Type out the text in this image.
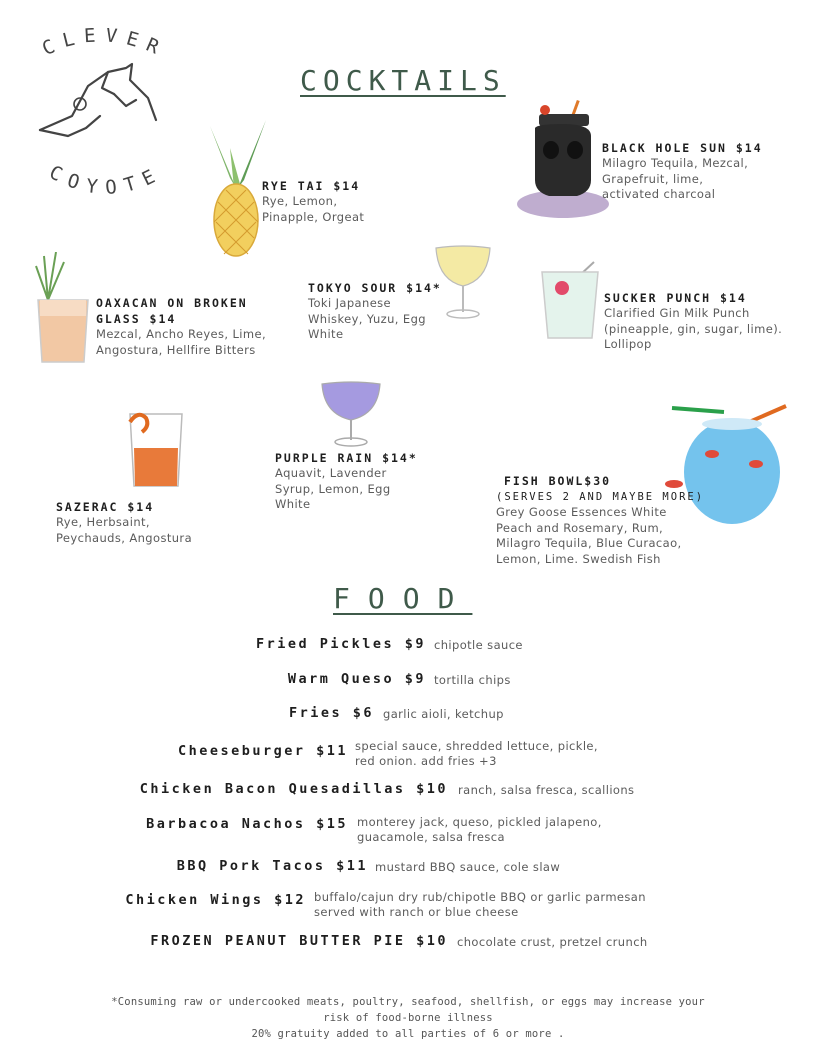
CLEVER
COYOTE
COCKTAILS
RYE TAI $14
Rye, Lemon,
Pinapple, Orgeat
BLACK HOLE SUN $14
Milagro Tequila, Mezcal,
Grapefruit, lime,
activated charcoal
OAXACAN ON BROKEN
GLASS $14
Mezcal, Ancho Reyes, Lime,
Angostura, Hellfire Bitters
TOKYO SOUR $14*
Toki Japanese
Whiskey, Yuzu, Egg
White
SUCKER PUNCH $14
Clarified Gin Milk Punch
(pineapple, gin, sugar, lime).
Lollipop
PURPLE RAIN $14*
Aquavit, Lavender
Syrup, Lemon, Egg
White
SAZERAC $14
Rye, Herbsaint,
Peychauds, Angostura
FISH BOWL$30
(SERVES 2 AND MAYBE MORE)
Grey Goose Essences White
Peach and Rosemary, Rum,
Milagro Tequila, Blue Curacao,
Lemon, Lime. Swedish Fish
FOOD
Fried Pickles $9 chipotle sauce
Warm Queso $9 tortilla chips
Fries $6 garlic aioli, ketchup
Cheeseburger $11 special sauce, shredded lettuce, pickle,
red onion. add fries +3
Chicken Bacon Quesadillas $10 ranch, salsa fresca, scallions
Barbacoa Nachos $15 monterey jack, queso, pickled jalapeno,
guacamole, salsa fresca
BBQ Pork Tacos $11 mustard BBQ sauce, cole slaw
Chicken Wings $12 buffalo/cajun dry rub/chipotle BBQ or garlic parmesan
served with ranch or blue cheese
FROZEN PEANUT BUTTER PIE $10 chocolate crust, pretzel crunch
*Consuming raw or undercooked meats, poultry, seafood, shellfish, or eggs may increase your
risk of food-borne illness
20% gratuity added to all parties of 6 or more .
